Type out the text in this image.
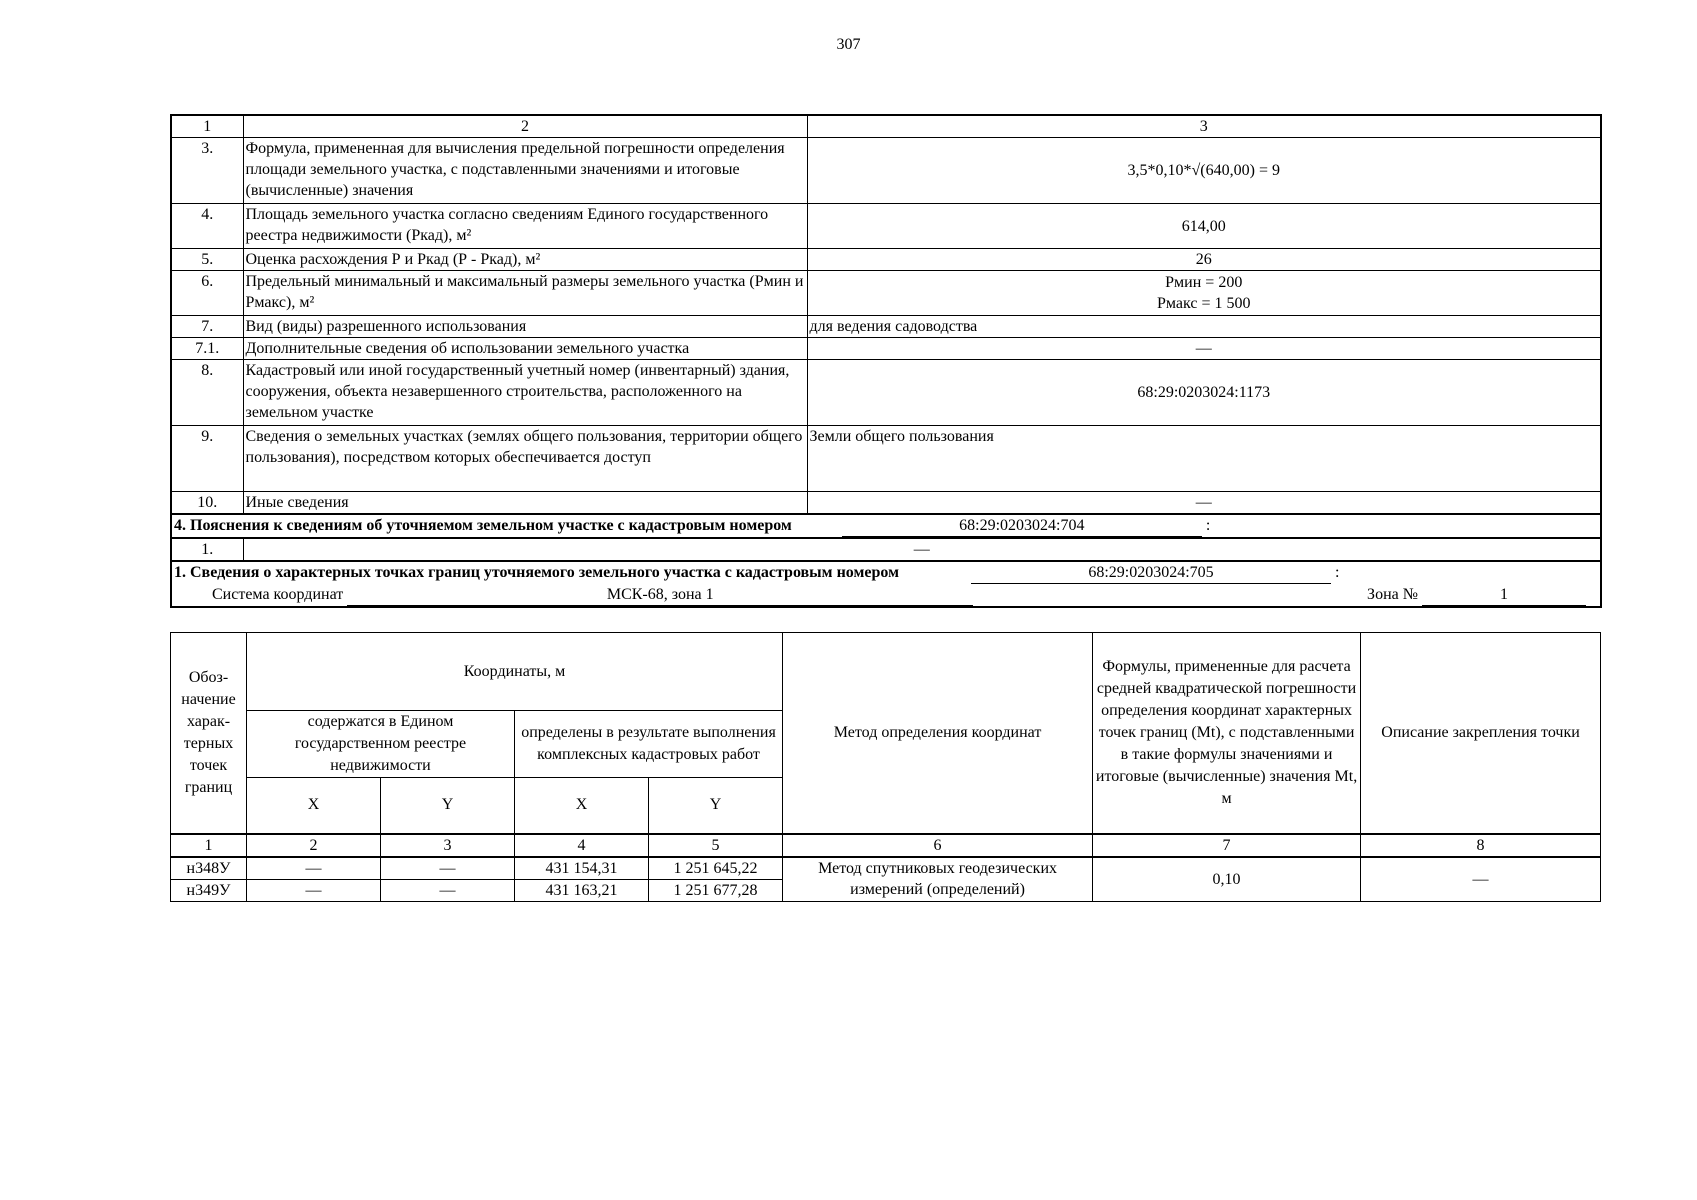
307
1	2	3
3.	Формула, примененная для вычисления предельной погрешности определения площади земельного участка, с подставленными значениями и итоговые (вычисленные) значения	3,5*0,10*√(640,00) = 9
4.	Площадь земельного участка согласно сведениям Единого государственного реестра недвижимости (Ркад), м²	614,00
5.	Оценка расхождения Р и Ркад (Р - Ркад), м²	26
6.	Предельный минимальный и максимальный размеры земельного участка (Рмин и Рмакс), м²	Рмин = 200
Рмакс = 1 500

7.	Вид (виды) разрешенного использования	для ведения садоводства
7.1.	Дополнительные сведения об использовании земельного участка	—
8.	Кадастровый или иной государственный учетный номер (инвентарный) здания, сооружения, объекта незавершенного строительства, расположенного на земельном участке	68:29:0203024:1173
9.	Сведения о земельных участках (землях общего пользования, территории общего пользования), посредством которых обеспечивается доступ	Земли общего пользования
10.	Иные сведения	—
4. Пояснения к сведениям об уточняемом земельном участке с кадастровым номером 68:29:0203024:704 :		
1.	—	
1. Сведения о характерных точках границ уточняемого земельного участка с кадастровым номером 68:29:0203024:705 :		
Система координат МСК-68, зона 1 Зона № 1		
Обоз-начение харак-терных точек границ	Координаты, м				Метод определения координат	Формулы, примененные для расчета средней квадратической погрешности определения координат характерных точек границ (Mt), с подставленными в такие формулы значениями и итоговые (вычисленные) значения Mt, м	Описание закрепления точки
	содержатся в Едином государственном реестре недвижимости		определены в результате выполнения комплексных кадастровых работ				
	X	Y	X	Y			
1	2	3	4	5	6	7	8
н348У	—	—	431 154,31	1 251 645,22	Метод спутниковых геодезических измерений (определений)	0,10	—
н349У	—	—	431 163,21	1 251 677,28			
